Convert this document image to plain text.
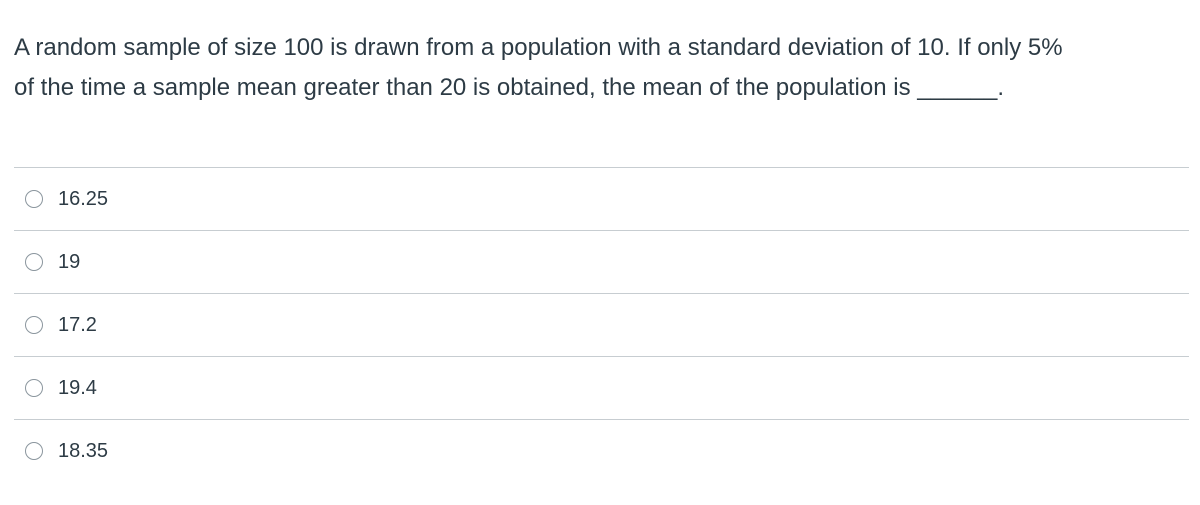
A random sample of size 100 is drawn from a population with a standard deviation of 10. If only 5%
of the time a sample mean greater than 20 is obtained, the mean of the population is ______.
16.25
19
17.2
19.4
18.35
